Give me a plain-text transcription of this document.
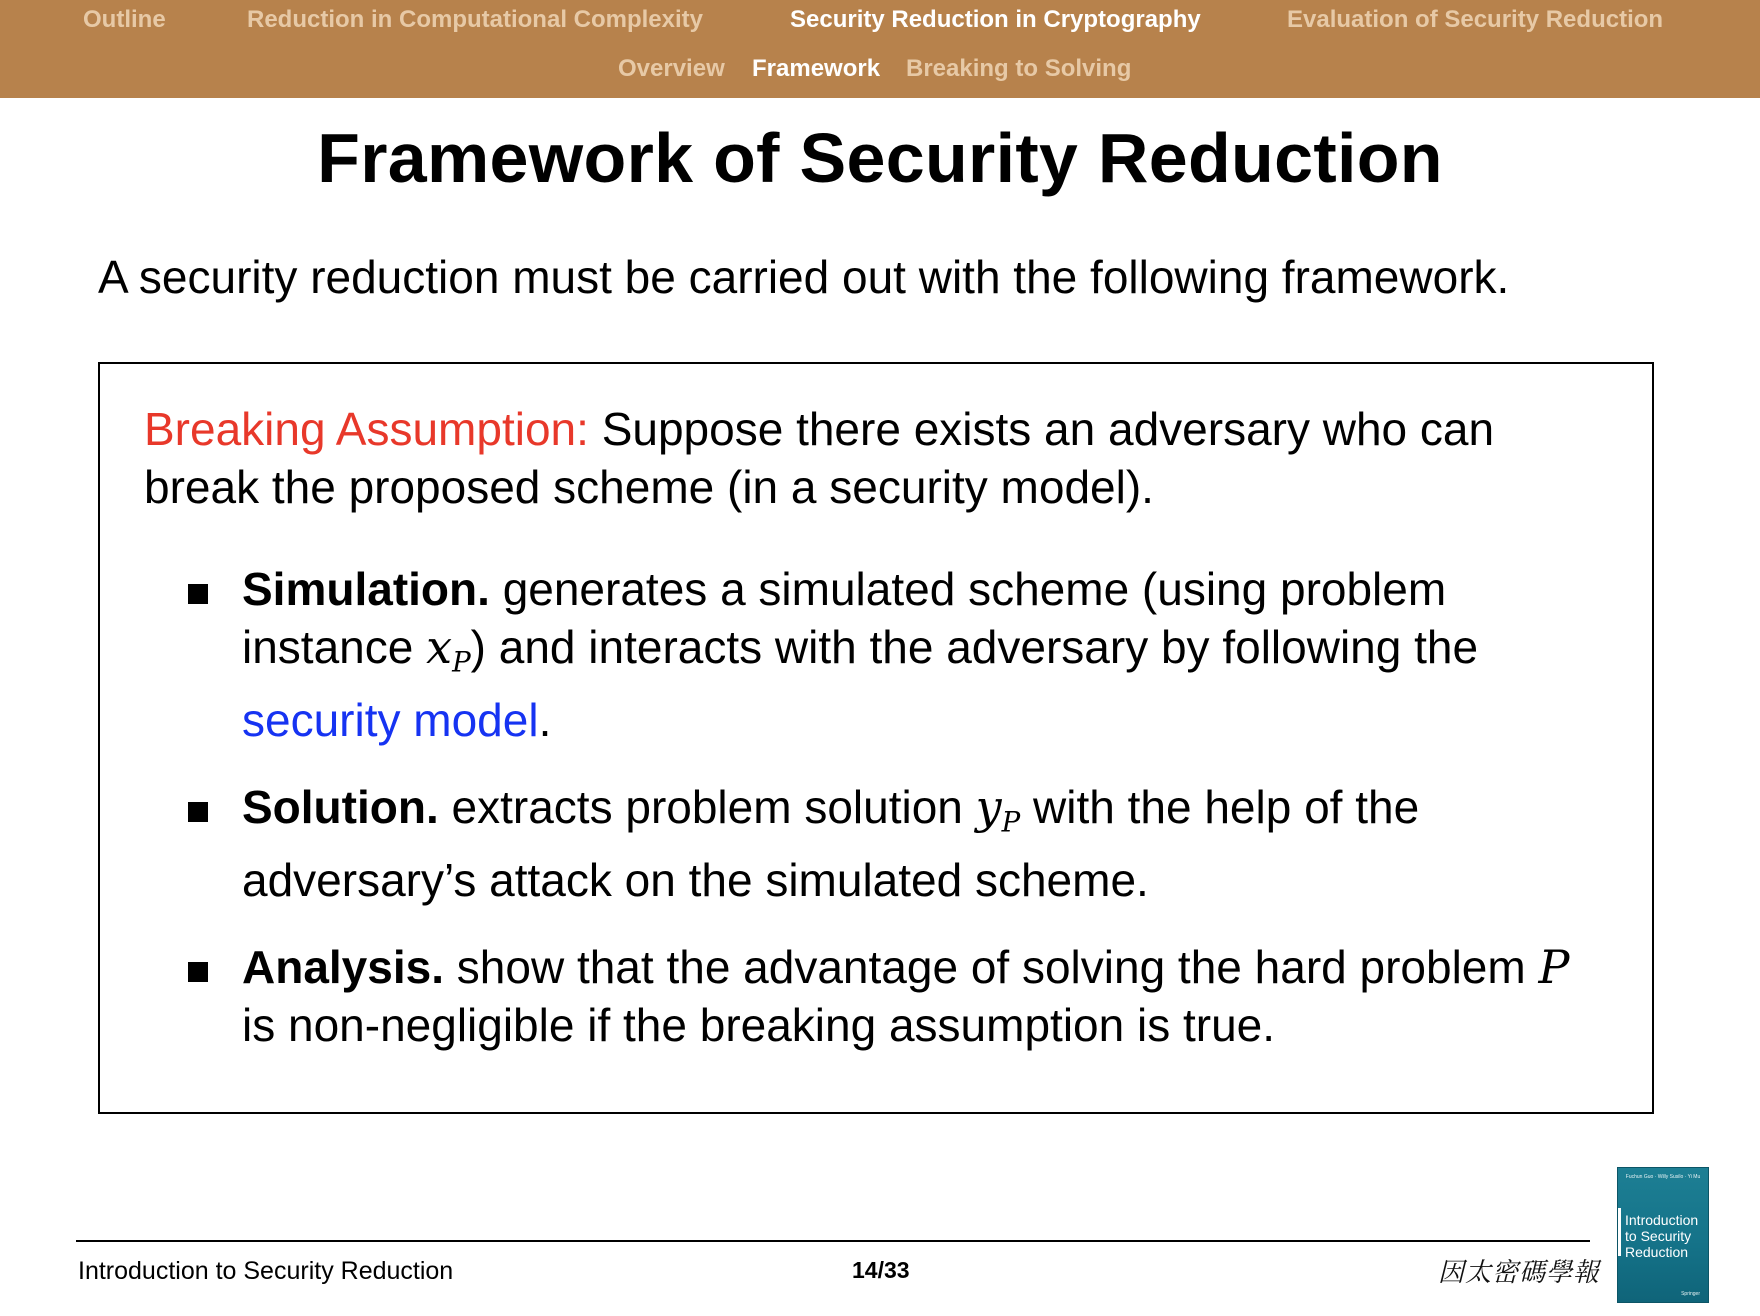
Outline	Reduction in Computational Complexity	Security Reduction in Cryptography	Evaluation of Security Reduction
Overview Framework Breaking to Solving
Framework of Security Reduction
A security reduction must be carried out with the following framework.
Breaking Assumption: Suppose there exists an adversary who can break the proposed scheme (in a security model).
Simulation. generates a simulated scheme (using problem instance $x_P$) and interacts with the adversary by following the security model.
Solution. extracts problem solution $y_P$ with the help of the adversary’s attack on the simulated scheme.
Analysis. show that the advantage of solving the hard problem P is non-negligible if the breaking assumption is true.
Introduction to Security Reduction	14/33	因太密碼學報
Fuchun Guo · Willy Susilo · Yi Mu
Introduction to Security Reduction
Springer
